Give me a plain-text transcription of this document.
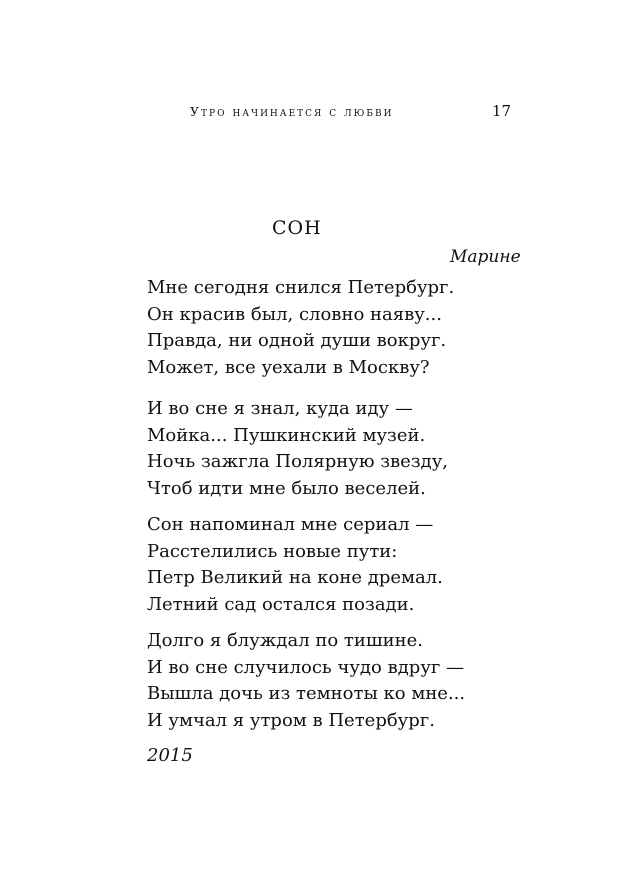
Утро начинается с любви	17
СОН
Марине
Мне сегодня снился Петербург.
Он красив был, словно наяву...
Правда, ни одной души вокруг.
Может, все уехали в Москву?
И во сне я знал, куда иду —
Мойка... Пушкинский музей.
Ночь зажгла Полярную звезду,
Чтоб идти мне было веселей.
Сон напоминал мне сериал —
Расстелились новые пути:
Петр Великий на коне дремал.
Летний сад остался позади.
Долго я блуждал по тишине.
И во сне случилось чудо вдруг —
Вышла дочь из темноты ко мне...
И умчал я утром в Петербург.
2015
